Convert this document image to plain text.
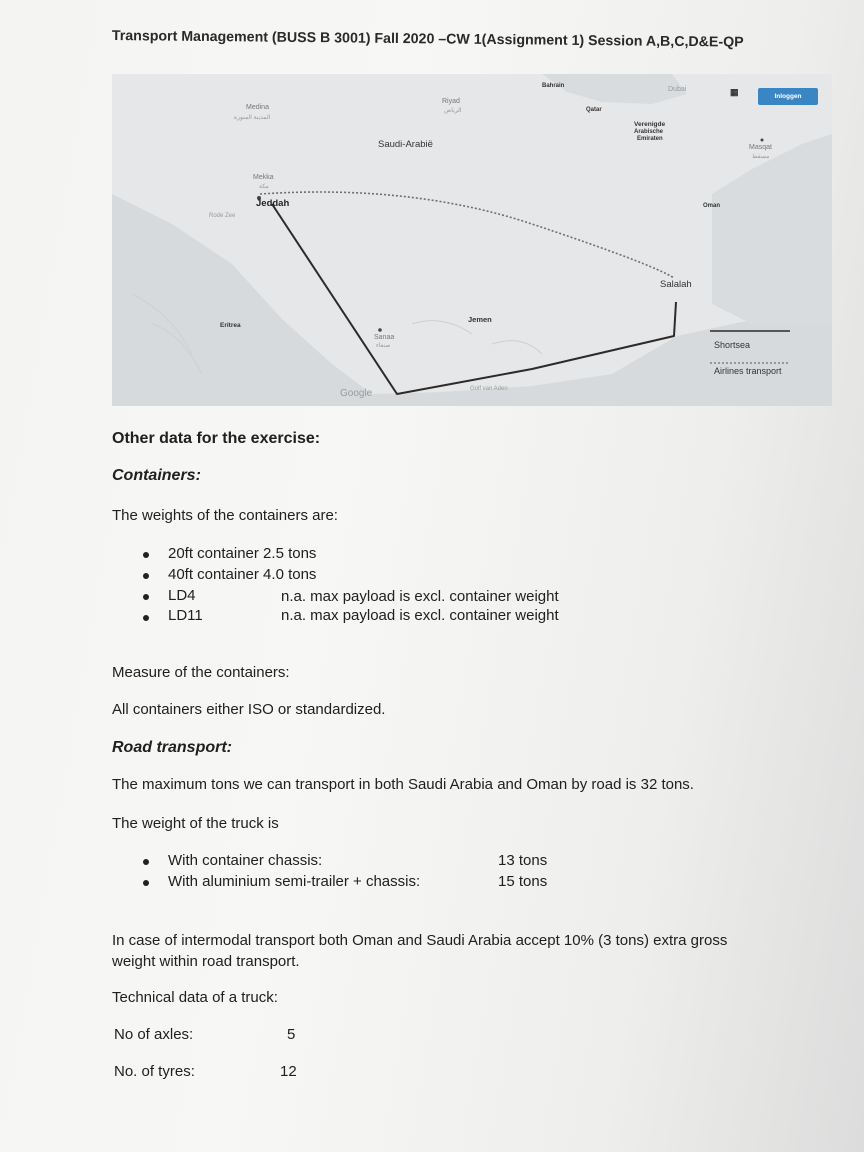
Transport Management (BUSS B 3001) Fall 2020 –CW 1(Assignment 1) Session A,B,C,D&E-QP
Bahrain	Dubai	▦	Inloggen
Medina
المدينة المنورة
Riyad
الرياض	Qatar
Verenigde
Arabische
Emiraten
Masqat
مسقط
Saudi-Arabië
Mekka
مكة
Jeddah
Rode Zee
Oman
Salalah
Jemen
Eritrea
Sanaa
صنعاء
Golf van Aden
Google
Shortsea
Airlines transport
Other data for the exercise:
Containers:
The weights of the containers are:
20ft container 2.5 tons
40ft container 4.0 tons
LD4	n.a. max payload is excl. container weight
LD11	n.a. max payload is excl. container weight
Measure of the containers:
All containers either ISO or standardized.
Road transport:
The maximum tons we can transport in both Saudi Arabia and Oman by road is 32 tons.
The weight of the truck is
With container chassis:	13 tons
With aluminium semi-trailer + chassis:	15 tons
In case of intermodal transport both Oman and Saudi Arabia accept 10% (3 tons) extra gross
weight within road transport.
Technical data of a truck:
No of axles:	5
No. of tyres:	12
